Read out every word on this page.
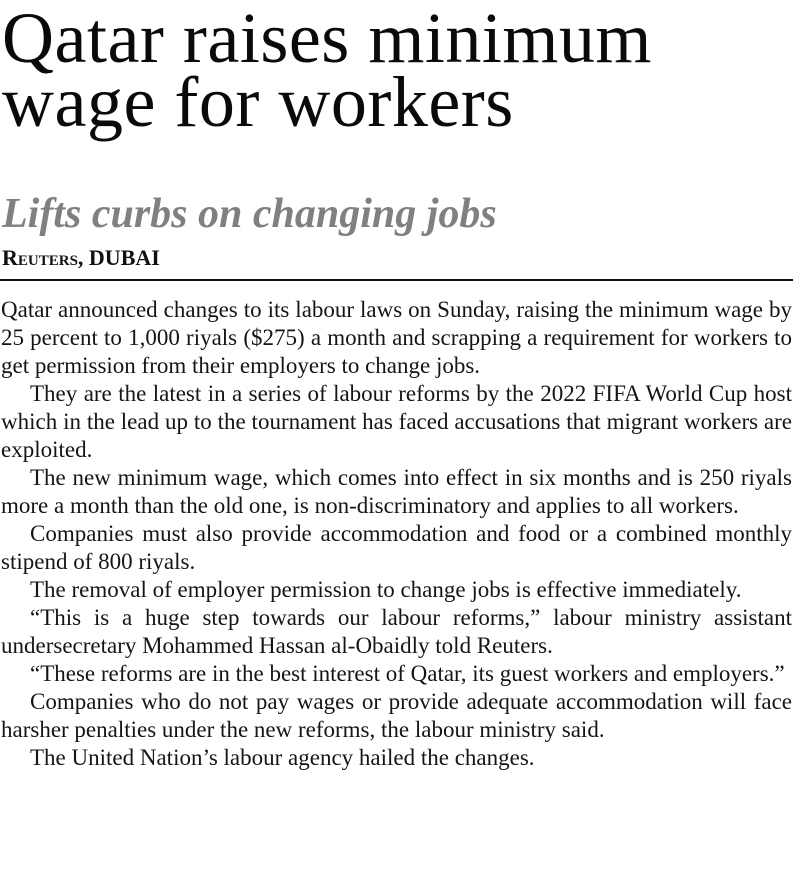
Qatar raises minimum wage for workers
Lifts curbs on changing jobs
Reuters, DUBAI

Qatar announced changes to its labour laws on Sunday, raising the minimum wage by 25 percent to 1,000 riyals ($275) a month and scrapping a requirement for workers to get permission from their employers to change jobs.

They are the latest in a series of labour reforms by the 2022 FIFA World Cup host which in the lead up to the tournament has faced accusations that migrant workers are exploited.

The new minimum wage, which comes into effect in six months and is 250 riyals more a month than the old one, is non-discriminatory and applies to all workers.

Companies must also provide accommodation and food or a combined monthly stipend of 800 riyals.

The removal of employer permission to change jobs is effective immediately.

“This is a huge step towards our labour reforms,” labour ministry assistant undersecretary Mohammed Hassan al-Obaidly told Reuters.

“These reforms are in the best interest of Qatar, its guest workers and employers.”

Companies who do not pay wages or provide adequate accommodation will face harsher penalties under the new reforms, the labour ministry said.

The United Nation’s labour agency hailed the changes.
